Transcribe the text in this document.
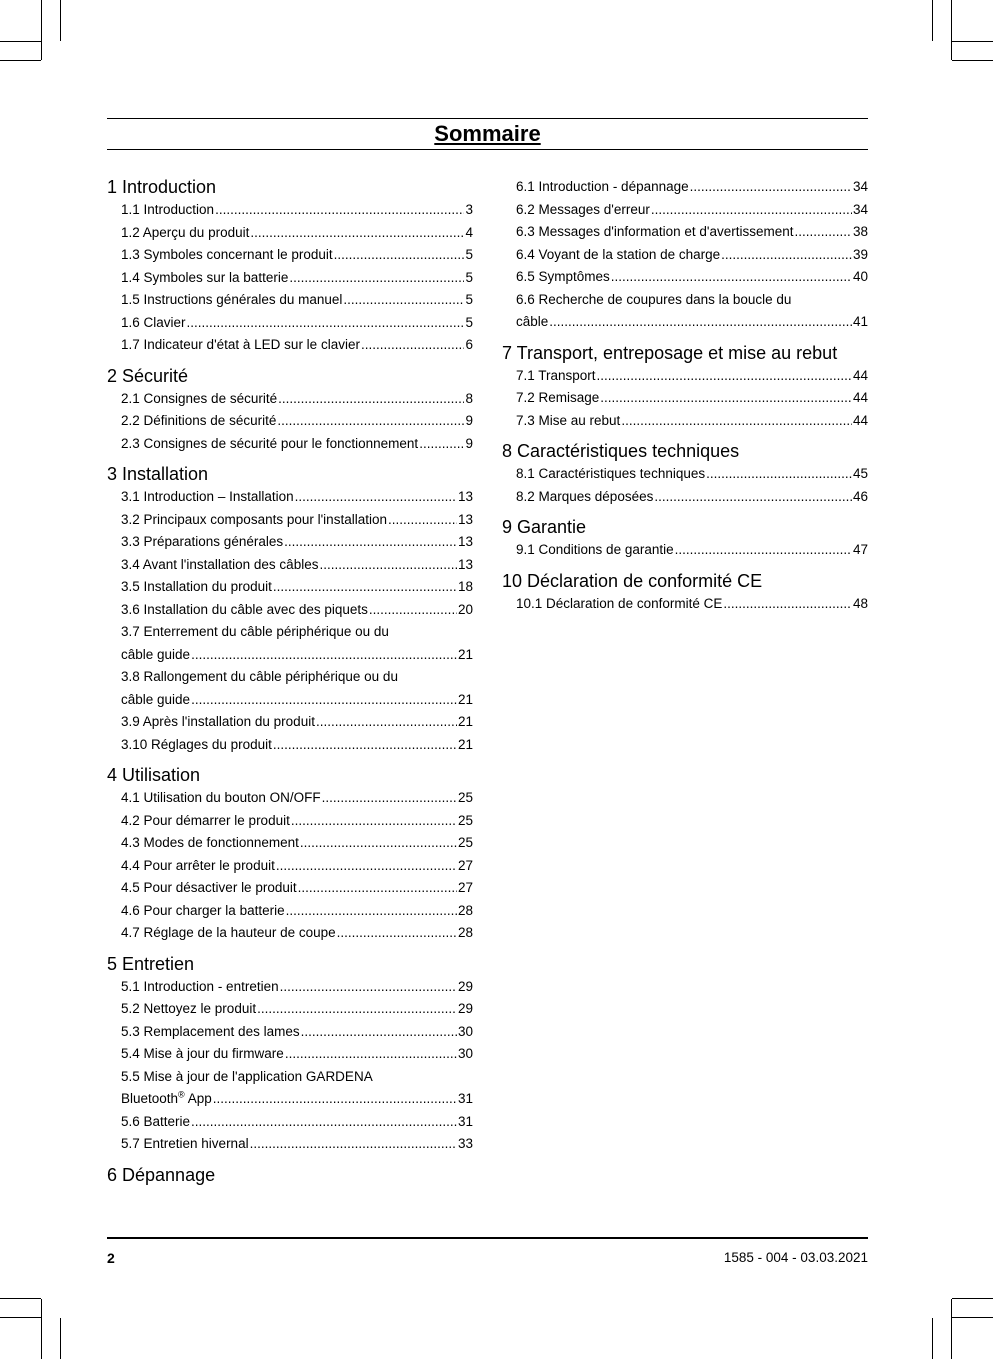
Sommaire
1 Introduction
1.1 Introduction .....	3
1.2 Aperçu du produit .....	4
1.3 Symboles concernant le produit .....	5
1.4 Symboles sur la batterie .....	5
1.5 Instructions générales du manuel .....	5
1.6 Clavier .....	5
1.7 Indicateur d'état à LED sur le clavier .....	6
2 Sécurité
2.1 Consignes de sécurité .....	8
2.2 Définitions de sécurité .....	9
2.3 Consignes de sécurité pour le fonctionnement .....	9
3 Installation
3.1 Introduction – Installation .....	13
3.2 Principaux composants pour l'installation .....	13
3.3 Préparations générales .....	13
3.4 Avant l'installation des câbles .....	13
3.5 Installation du produit .....	18
3.6 Installation du câble avec des piquets .....	20
3.7 Enterrement du câble périphérique ou du
câble guide .....	21
3.8 Rallongement du câble périphérique ou du
câble guide .....	21
3.9 Après l'installation du produit .....	21
3.10 Réglages du produit .....	21
4 Utilisation
4.1 Utilisation du bouton ON/OFF .....	25
4.2 Pour démarrer le produit .....	25
4.3 Modes de fonctionnement .....	25
4.4 Pour arrêter le produit .....	27
4.5 Pour désactiver le produit .....	27
4.6 Pour charger la batterie .....	28
4.7 Réglage de la hauteur de coupe .....	28
5 Entretien
5.1 Introduction - entretien .....	29
5.2 Nettoyez le produit .....	29
5.3 Remplacement des lames .....	30
5.4 Mise à jour du firmware .....	30
5.5 Mise à jour de l'application GARDENA
Bluetooth® App .....	31
5.6 Batterie .....	31
5.7 Entretien hivernal .....	33
6 Dépannage
6.1 Introduction - dépannage .....	34
6.2 Messages d'erreur .....	34
6.3 Messages d'information et d'avertissement .....	38
6.4 Voyant de la station de charge .....	39
6.5 Symptômes .....	40
6.6 Recherche de coupures dans la boucle du
câble .....	41
7 Transport, entreposage et mise au rebut
7.1 Transport .....	44
7.2 Remisage .....	44
7.3 Mise au rebut .....	44
8 Caractéristiques techniques
8.1 Caractéristiques techniques .....	45
8.2 Marques déposées .....	46
9 Garantie
9.1 Conditions de garantie .....	47
10 Déclaration de conformité CE
10.1 Déclaration de conformité CE .....	48
2	1585 - 004 - 03.03.2021
